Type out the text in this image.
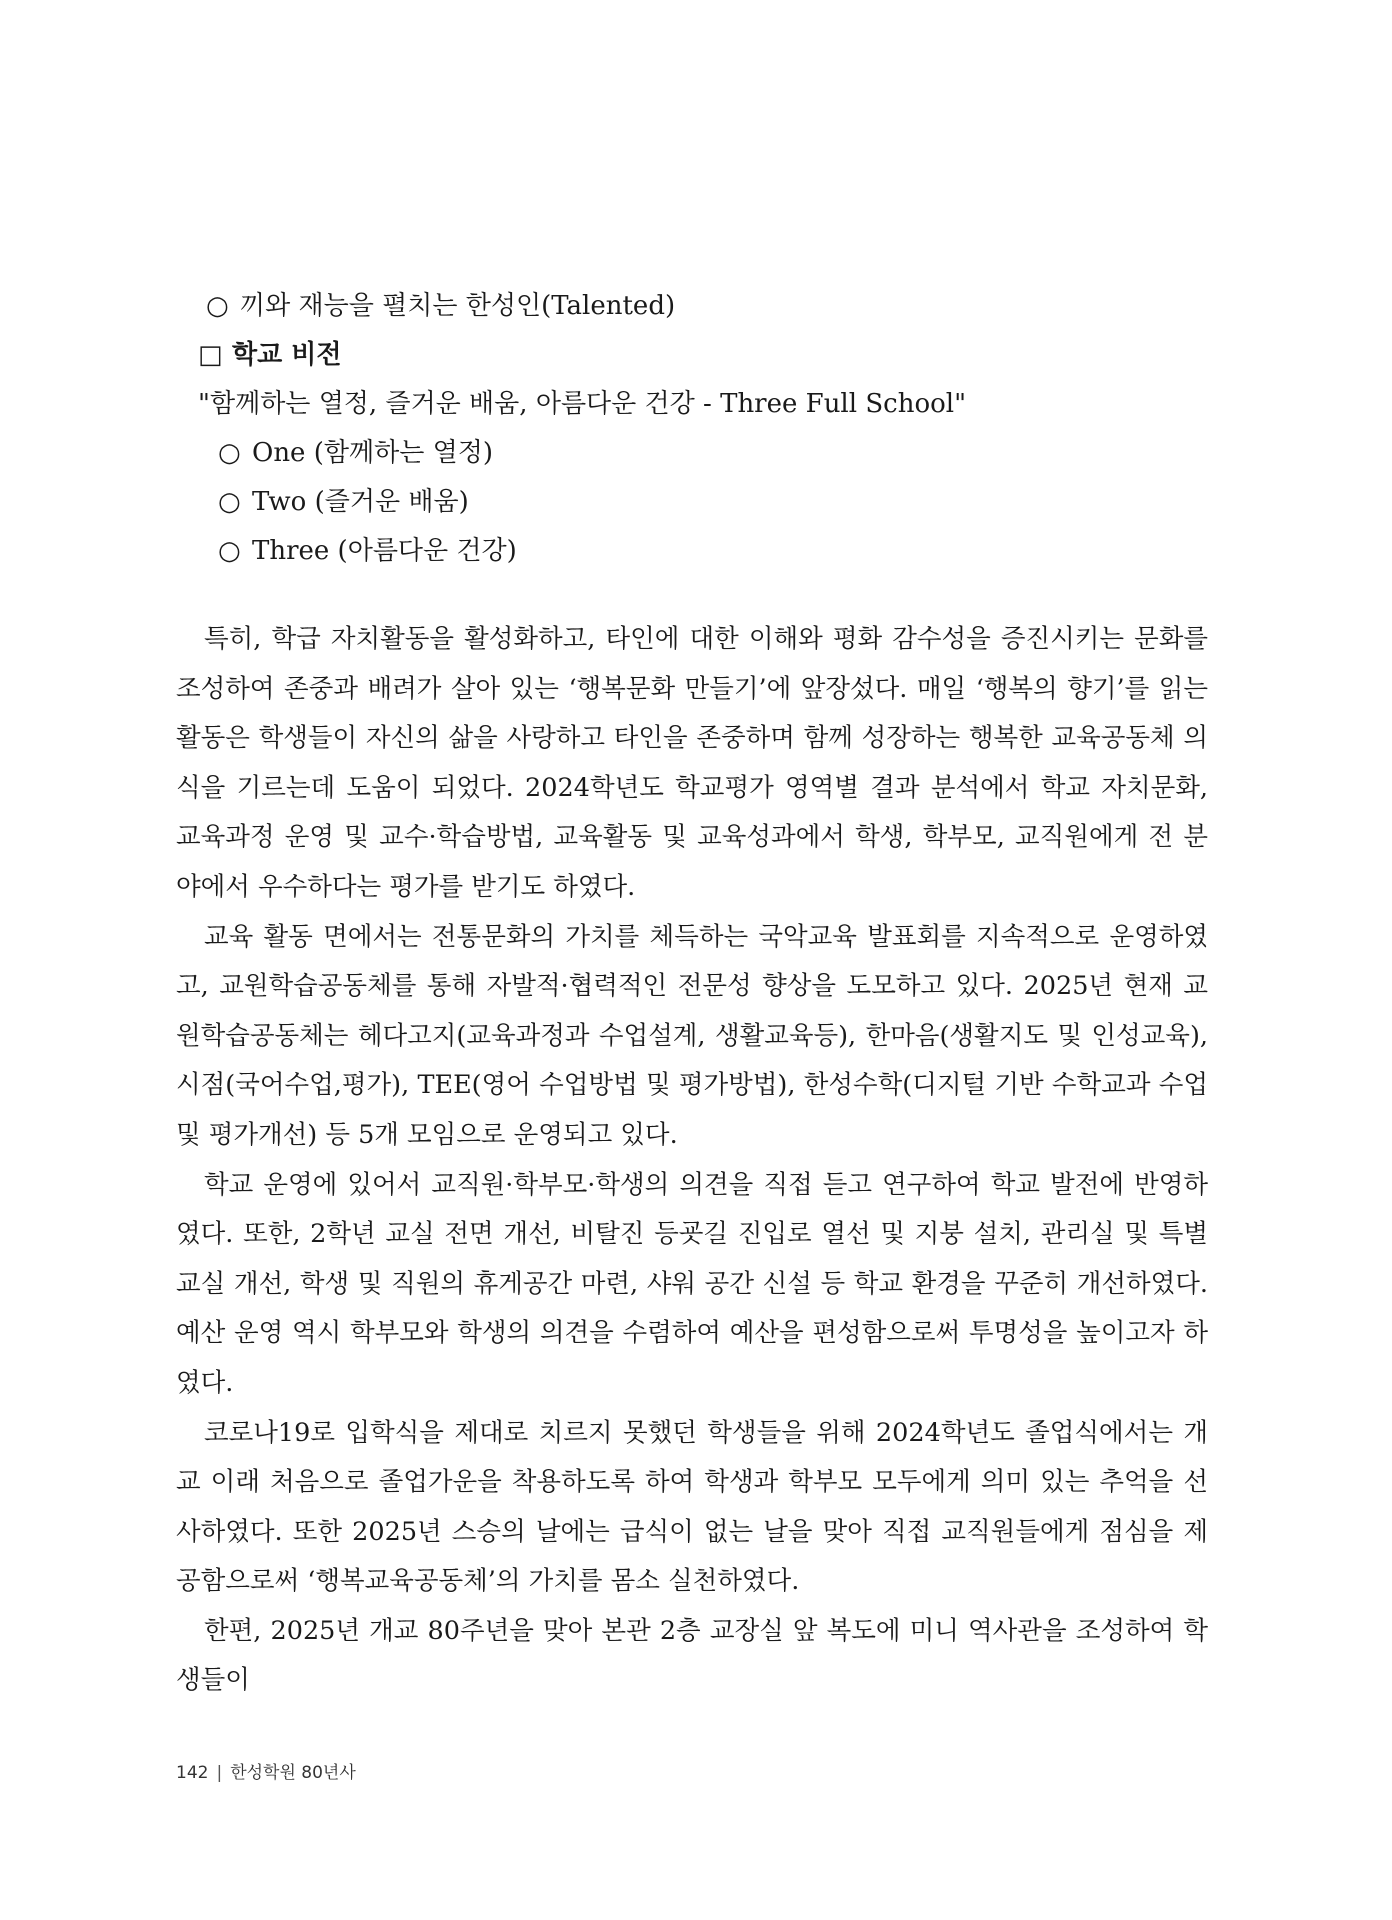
○ 끼와 재능을 펼치는 한성인(Talented)
□ 학교 비전
"함께하는 열정, 즐거운 배움, 아름다운 건강 - Three Full School"
○ One (함께하는 열정)
○ Two (즐거운 배움)
○ Three (아름다운 건강)

특히, 학급 자치활동을 활성화하고, 타인에 대한 이해와 평화 감수성을 증진시키는 문화를 조성하여 존중과 배려가 살아 있는 ‘행복문화 만들기’에 앞장섰다. 매일 ‘행복의 향기’를 읽는 활동은 학생들이 자신의 삶을 사랑하고 타인을 존중하며 함께 성장하는 행복한 교육공동체 의식을 기르는데 도움이 되었다. 2024학년도 학교평가 영역별 결과 분석에서 학교 자치문화, 교육과정 운영 및 교수·학습방법, 교육활동 및 교육성과에서 학생, 학부모, 교직원에게 전 분야에서 우수하다는 평가를 받기도 하였다.

교육 활동 면에서는 전통문화의 가치를 체득하는 국악교육 발표회를 지속적으로 운영하였고, 교원학습공동체를 통해 자발적·협력적인 전문성 향상을 도모하고 있다. 2025년 현재 교원학습공동체는 헤다고지(교육과정과 수업설계, 생활교육등), 한마음(생활지도 및 인성교육), 시점(국어수업,평가), TEE(영어 수업방법 및 평가방법), 한성수학(디지털 기반 수학교과 수업 및 평가개선) 등 5개 모임으로 운영되고 있다.

학교 운영에 있어서 교직원·학부모·학생의 의견을 직접 듣고 연구하여 학교 발전에 반영하였다. 또한, 2학년 교실 전면 개선, 비탈진 등굣길 진입로 열선 및 지붕 설치, 관리실 및 특별교실 개선, 학생 및 직원의 휴게공간 마련, 샤워 공간 신설 등 학교 환경을 꾸준히 개선하였다. 예산 운영 역시 학부모와 학생의 의견을 수렴하여 예산을 편성함으로써 투명성을 높이고자 하였다.

코로나19로 입학식을 제대로 치르지 못했던 학생들을 위해 2024학년도 졸업식에서는 개교 이래 처음으로 졸업가운을 착용하도록 하여 학생과 학부모 모두에게 의미 있는 추억을 선사하였다. 또한 2025년 스승의 날에는 급식이 없는 날을 맞아 직접 교직원들에게 점심을 제공함으로써 ‘행복교육공동체’의 가치를 몸소 실천하였다.

한편, 2025년 개교 80주년을 맞아 본관 2층 교장실 앞 복도에 미니 역사관을 조성하여 학생들이

142 | 한성학원 80년사
